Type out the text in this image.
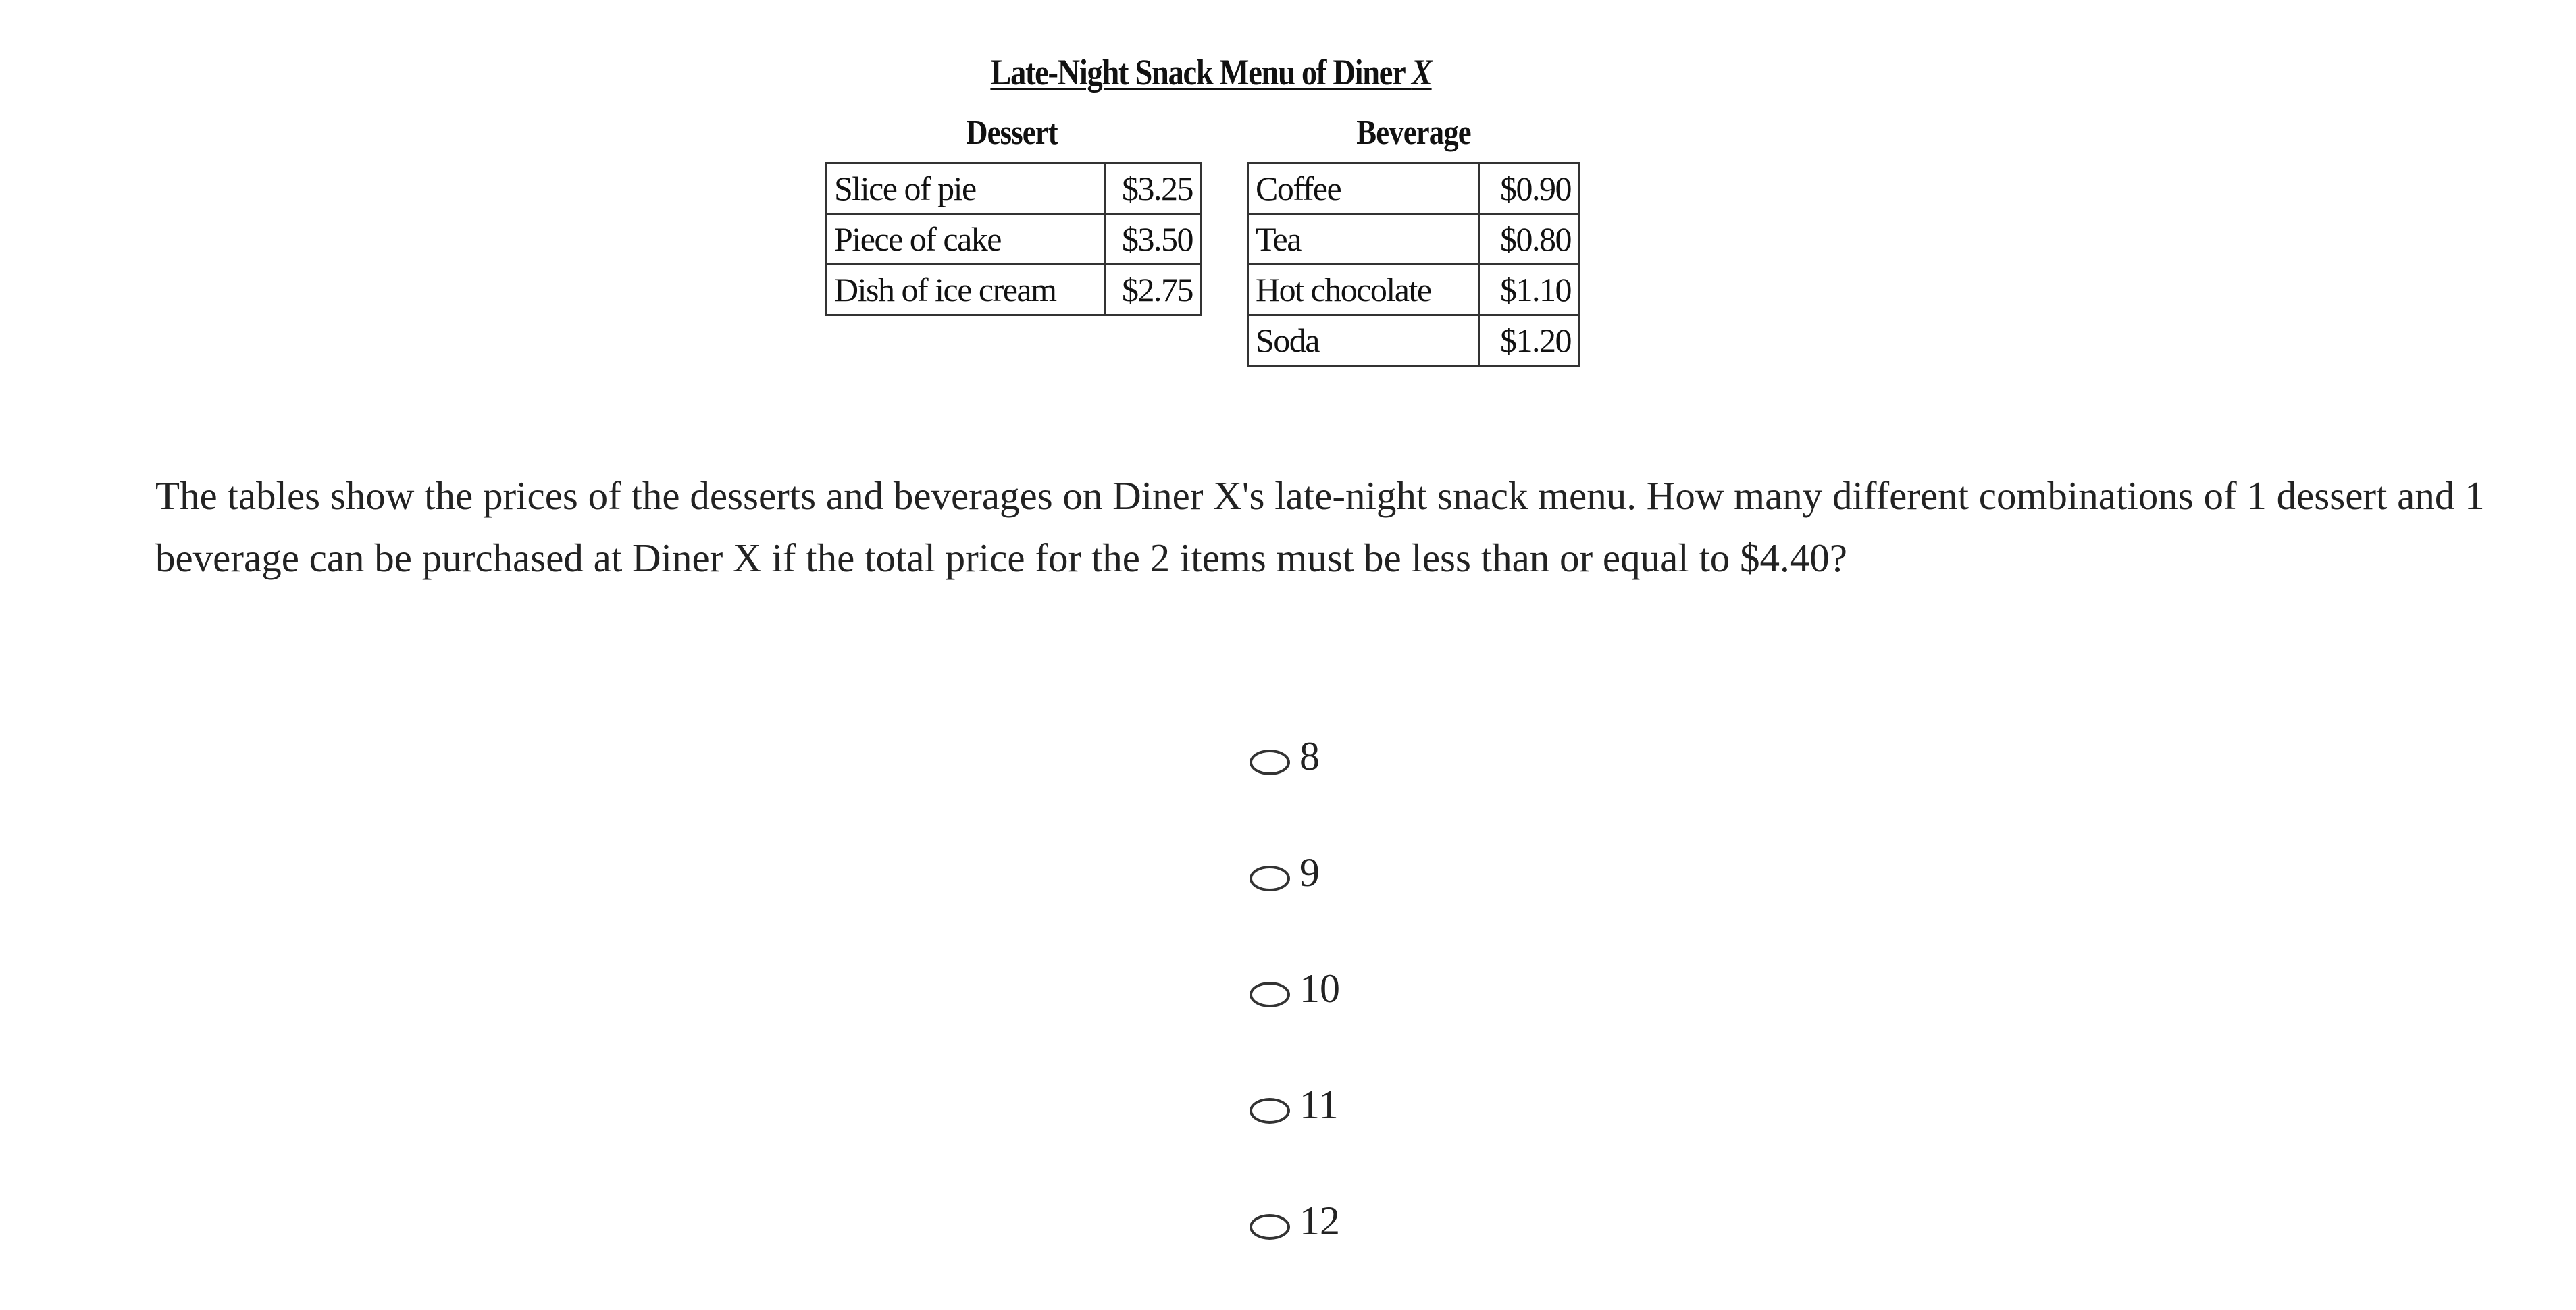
Late-Night Snack Menu of Diner X
Dessert	Beverage
Slice of pie	$3.25
Piece of cake	$3.50
Dish of ice cream	$2.75
Coffee	$0.90
Tea	$0.80
Hot chocolate	$1.10
Soda	$1.20

The tables show the prices of the desserts and beverages on Diner X's late-night snack menu. How many different combinations of 1 dessert and 1 beverage can be purchased at Diner X if the total price for the 2 items must be less than or equal to $4.40?

8
9
10
11
12
